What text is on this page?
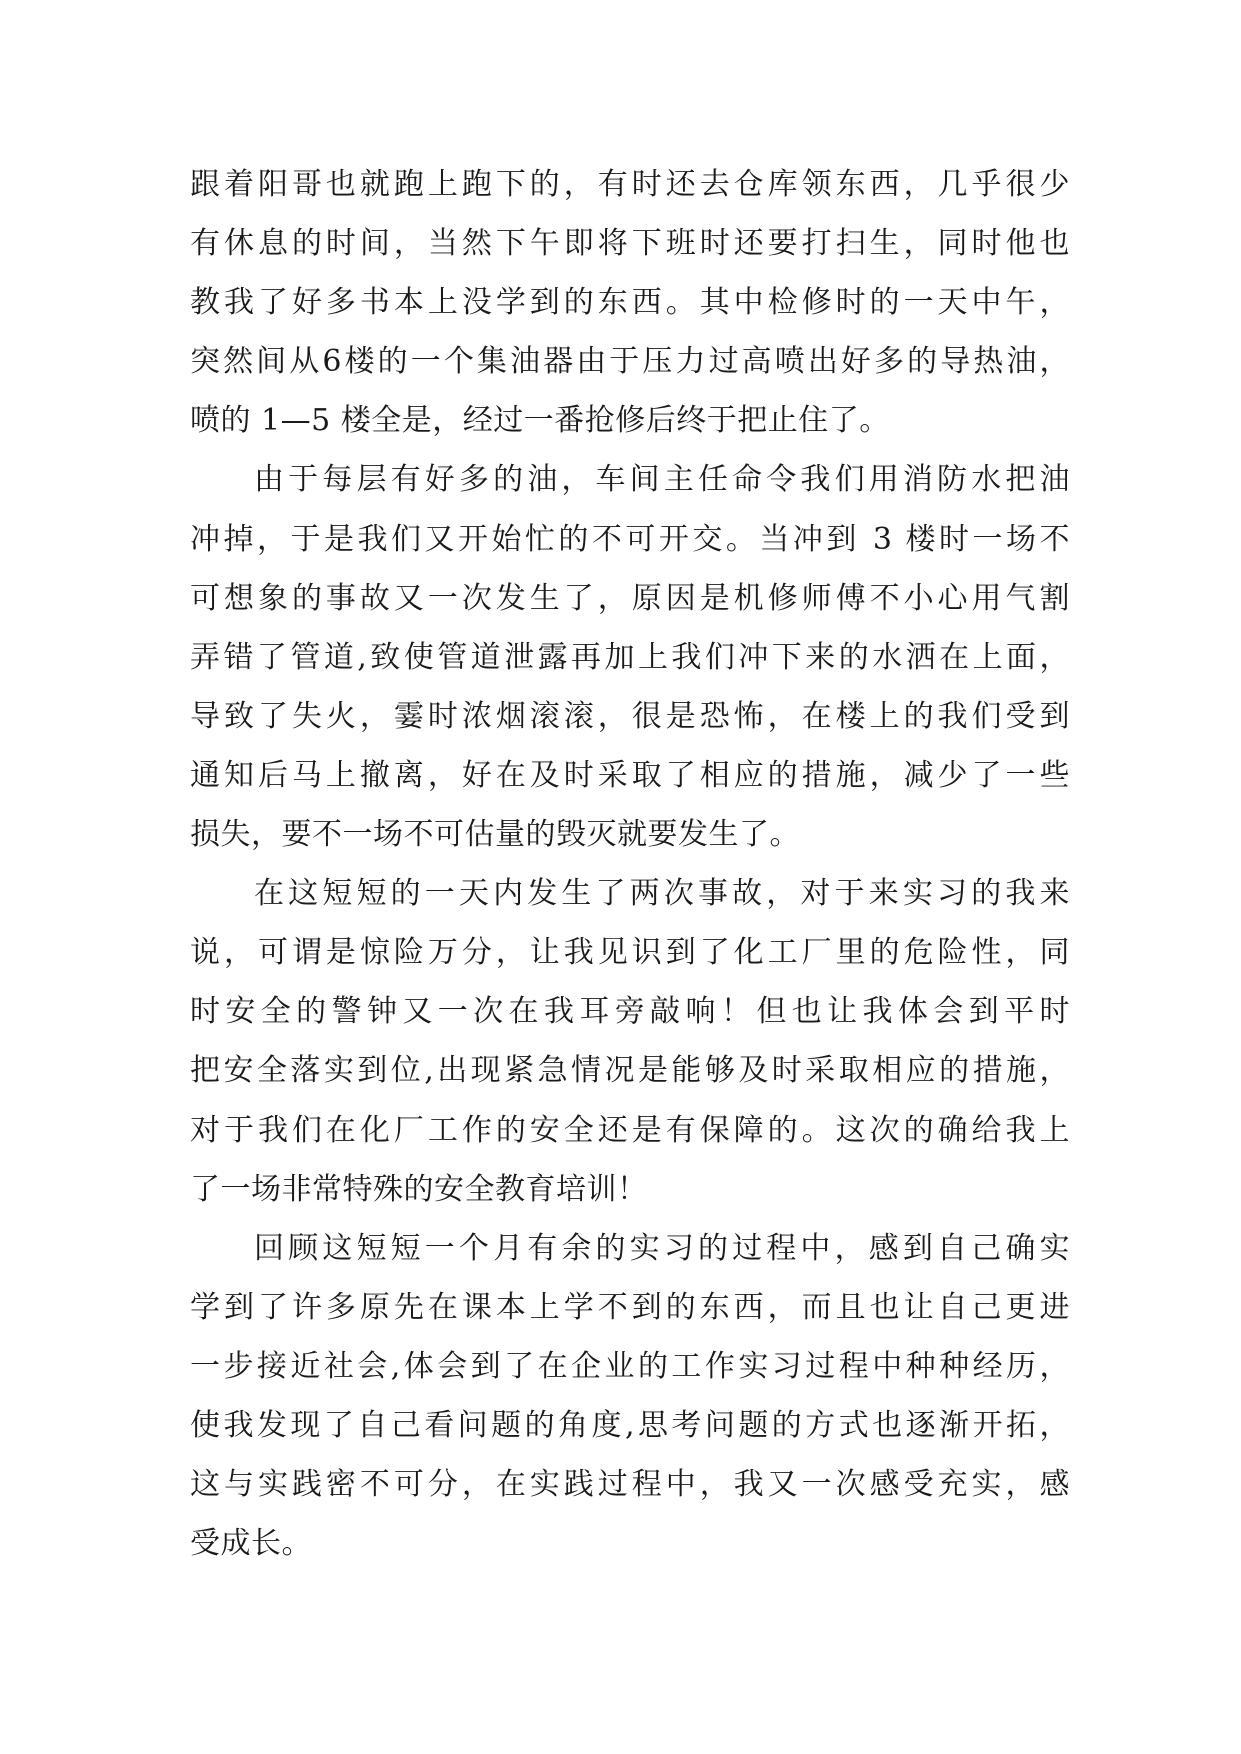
跟着阳哥也就跑上跑下的，有时还去仓库领东西，几乎很少
有休息的时间，当然下午即将下班时还要打扫生，同时他也
教我了好多书本上没学到的东西。其中检修时的一天中午，
突然间从6楼的一个集油器由于压力过高喷出好多的导热油，
喷的 1—5 楼全是，经过一番抢修后终于把止住了。
由于每层有好多的油，车间主任命令我们用消防水把油
冲掉，于是我们又开始忙的不可开交。当冲到 3 楼时一场不
可想象的事故又一次发生了，原因是机修师傅不小心用气割
弄错了管道,致使管道泄露再加上我们冲下来的水洒在上面，
导致了失火，霎时浓烟滚滚，很是恐怖，在楼上的我们受到
通知后马上撤离，好在及时采取了相应的措施，减少了一些
损失，要不一场不可估量的毁灭就要发生了。
在这短短的一天内发生了两次事故，对于来实习的我来
说，可谓是惊险万分，让我见识到了化工厂里的危险性，同
时安全的警钟又一次在我耳旁敲响！但也让我体会到平时
把安全落实到位,出现紧急情况是能够及时采取相应的措施，
对于我们在化厂工作的安全还是有保障的。这次的确给我上
了一场非常特殊的安全教育培训！
回顾这短短一个月有余的实习的过程中，感到自己确实
学到了许多原先在课本上学不到的东西，而且也让自己更进
一步接近社会,体会到了在企业的工作实习过程中种种经历，
使我发现了自己看问题的角度,思考问题的方式也逐渐开拓，
这与实践密不可分，在实践过程中，我又一次感受充实，感
受成长。
